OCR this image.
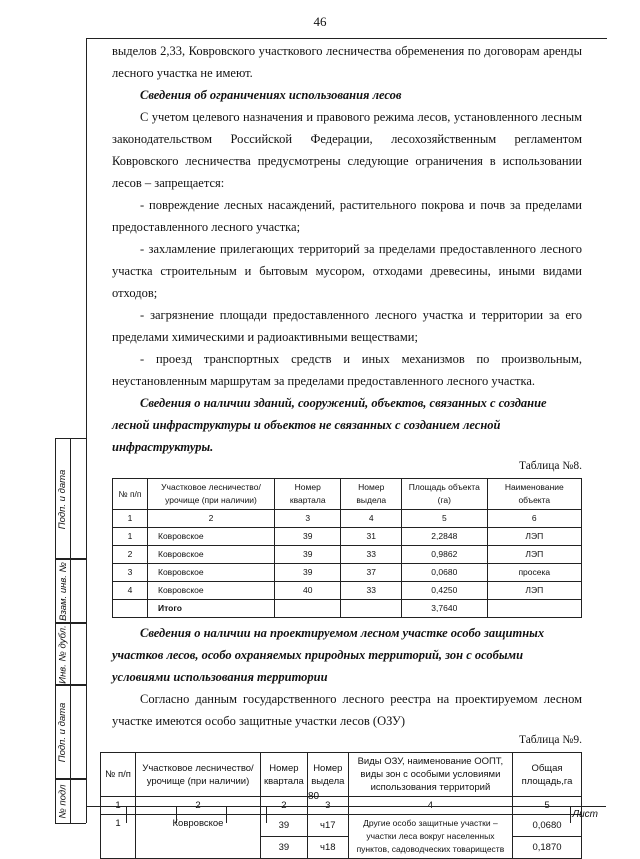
46

выделов 2,33, Ковровского участкового лесничества обременения по договорам аренды лесного участка не имеют.

Сведения об ограничениях использования лесов

С учетом целевого назначения и правового режима лесов, установленного лесным законодательством Российской Федерации, лесохозяйственным регламентом Ковровского лесничества предусмотрены следующие ограничения в использовании лесов – запрещается:

- повреждение лесных насаждений, растительного покрова и почв за пределами предоставленного лесного участка;

- захламление прилегающих территорий за пределами предоставленного лесного участка строительным и бытовым мусором, отходами древесины, иными видами отходов;

- загрязнение площади предоставленного лесного участка и территории за его пределами химическими и радиоактивными веществами;

- проезд транспортных средств и иных механизмов по произвольным, неустановленным маршрутам за пределами предоставленного лесного участка.

Сведения о наличии зданий, сооружений, объектов, связанных с создание лесной инфраструктуры и объектов не связанных с созданием лесной инфраструктуры.

Таблица №8.

№ п/п	Участковое лесничество/урочище (при наличии)	Номер квартала	Номер выдела	Площадь объекта (га)	Наименование объекта
1	2	3	4	5	6
1	Ковровское	39	31	2,2848	ЛЭП
2	Ковровское	39	33	0,9862	ЛЭП
3	Ковровское	39	37	0,0680	просека
4	Ковровское	40	33	0,4250	ЛЭП
	Итого			3,7640	

Сведения о наличии на проектируемом лесном участке особо защитных участков лесов, особо охраняемых природных территорий, зон с особыми условиями использования территории

Согласно данным государственного лесного реестра на проектируемом лесном участке имеются особо защитные участки лесов (ОЗУ)

Таблица №9.

№ п/п	Участковое лесничество/урочище (при наличии)	Номер квартала	Номер выдела	Виды ОЗУ, наименование ООПТ, виды зон с особыми условиями использования территорий	Общая площадь,га
1	2	2	3	4	5
1	Ковровское	39	ч17	Другие особо защитные участки – участки леса вокруг населенных пунктов, садоводческих товариществ	0,0680
		39	ч18		0,1870
Подп. и дата
Взам. инв. №
Инв. № дубл.
Подп. и дата
№ подл	80
Лист
